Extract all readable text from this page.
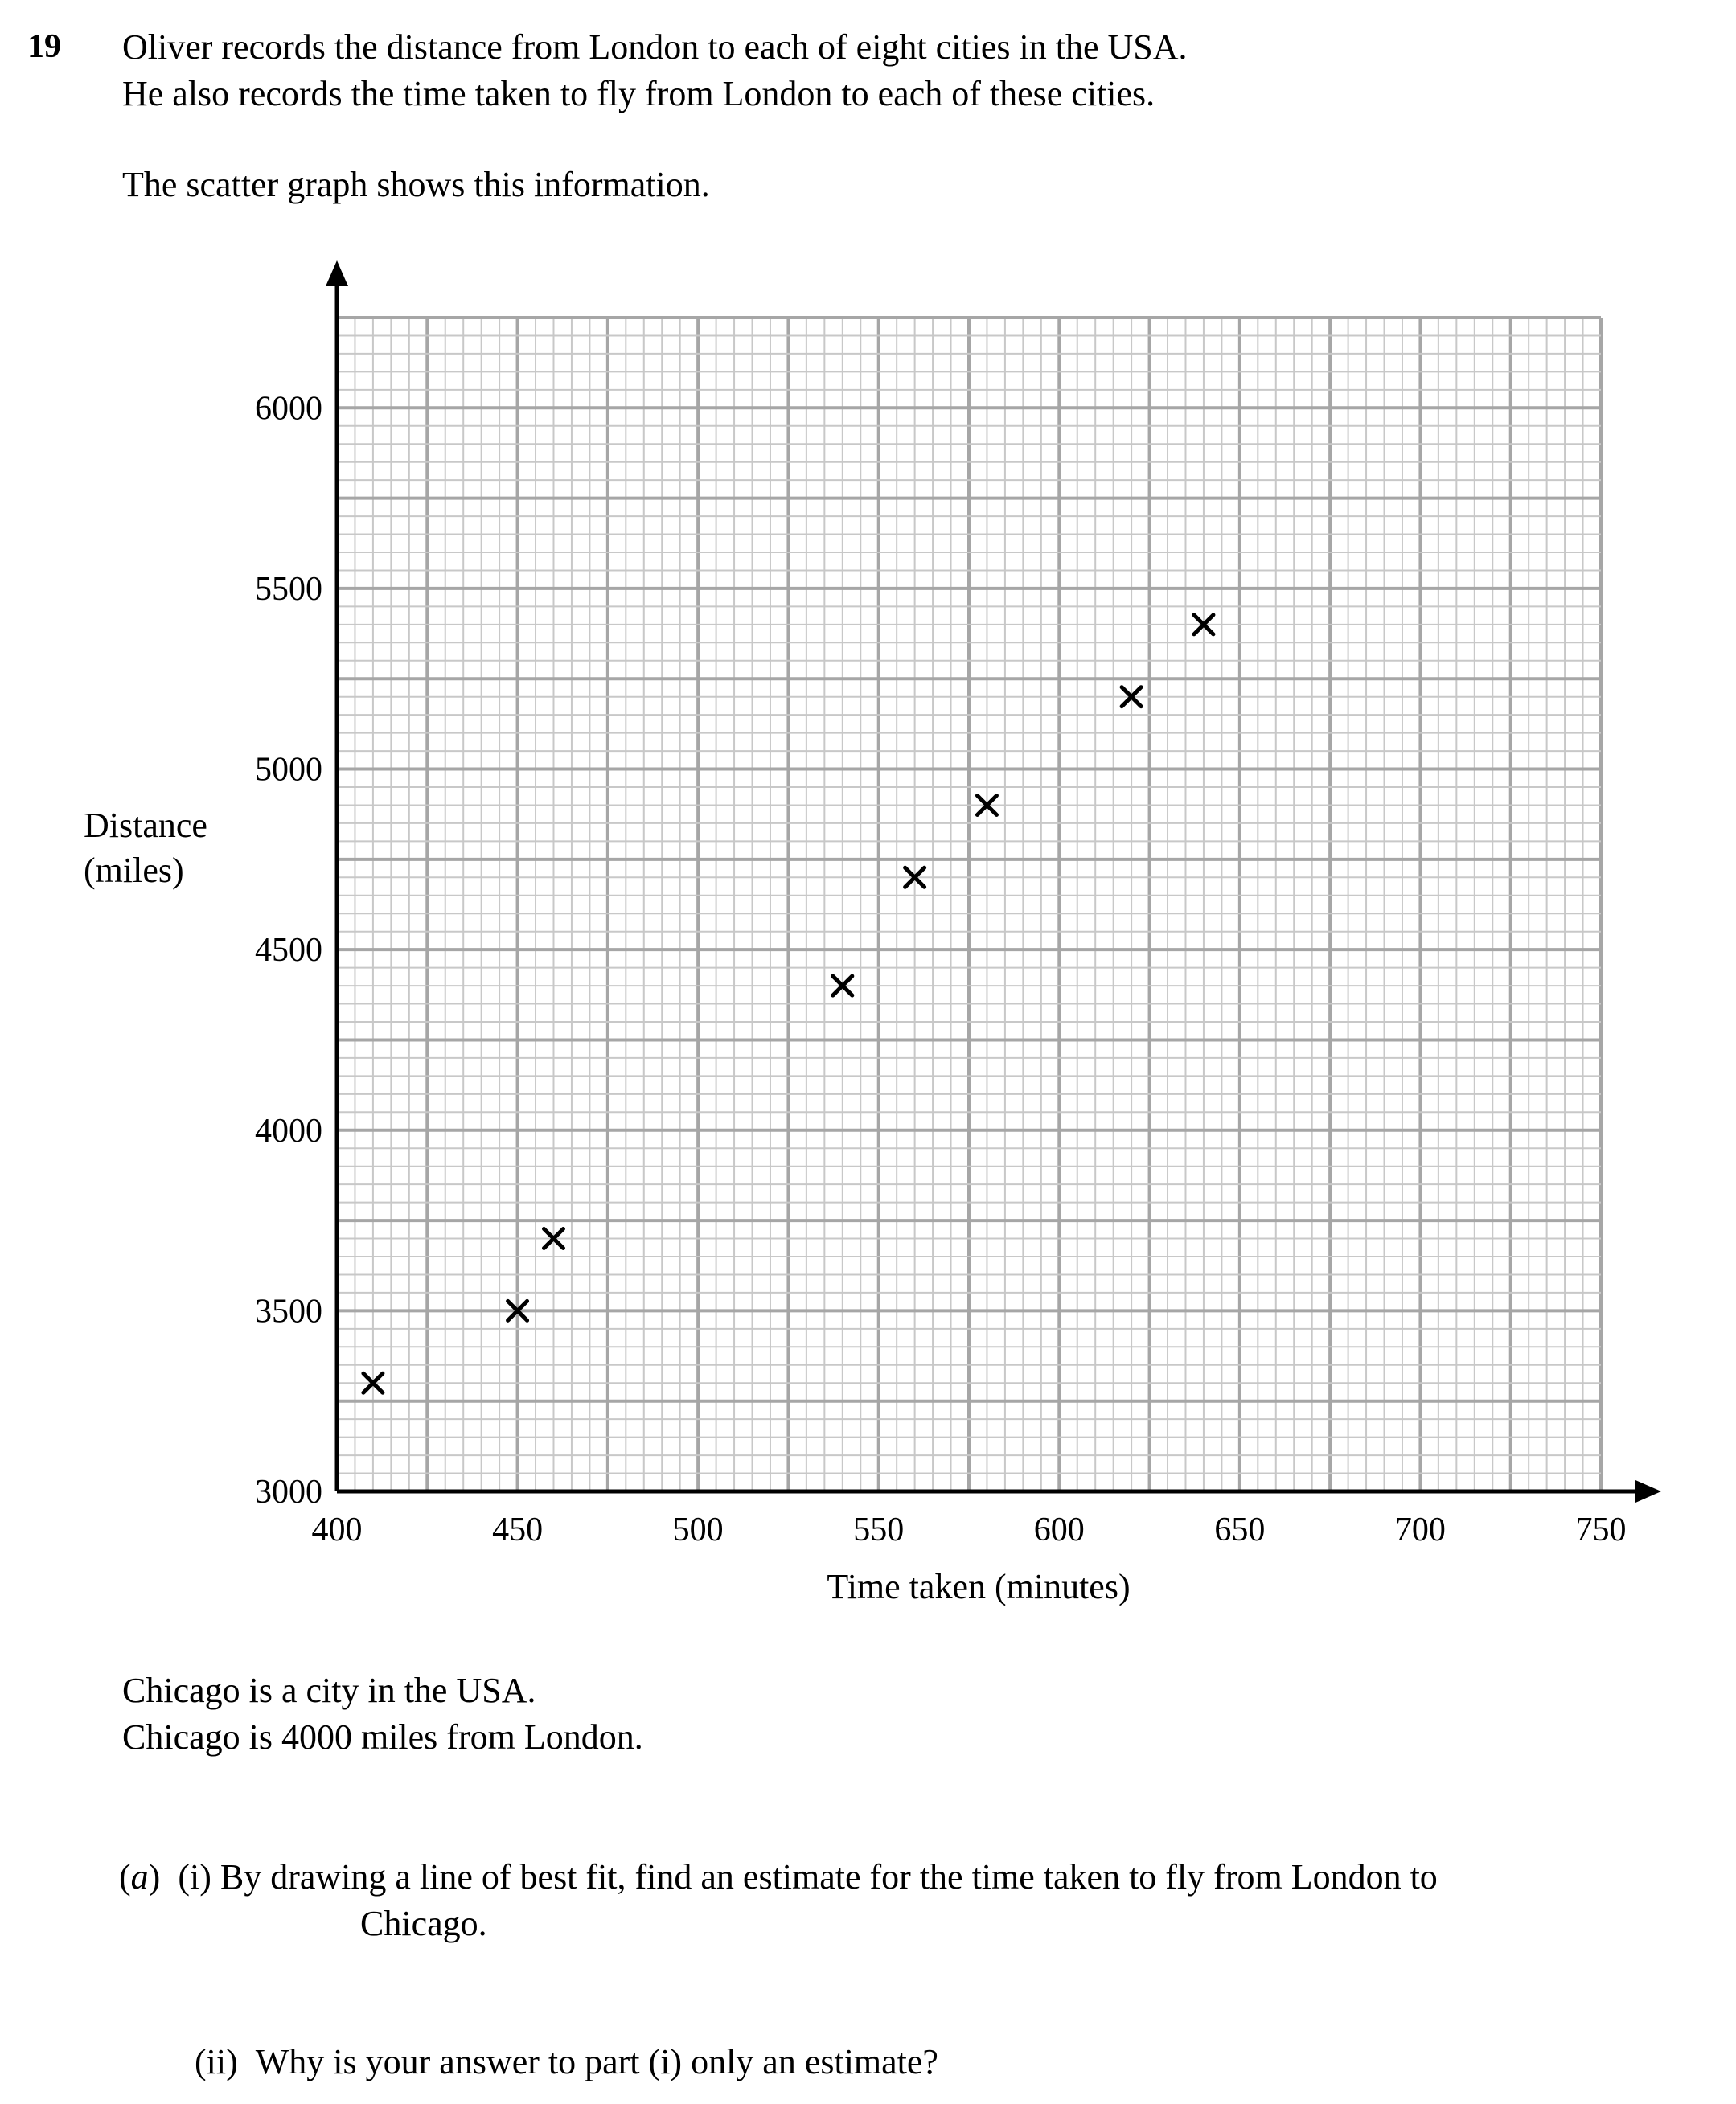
19 Oliver records the distance from London to each of eight cities in the USA.
He also records the time taken to fly from London to each of these cities.
The scatter graph shows this information.
400	450	500	550	600	650	700	750
3000
3500
4000
4500
5000
5500
6000
Time taken (minutes)
Distance
(miles)
Chicago is a city in the USA.
Chicago is 4000 miles from London.
(a)  (i) By drawing a line of best fit, find an estimate for the time taken to fly from London to
Chicago.
(ii) Why is your answer to part (i) only an estimate?
